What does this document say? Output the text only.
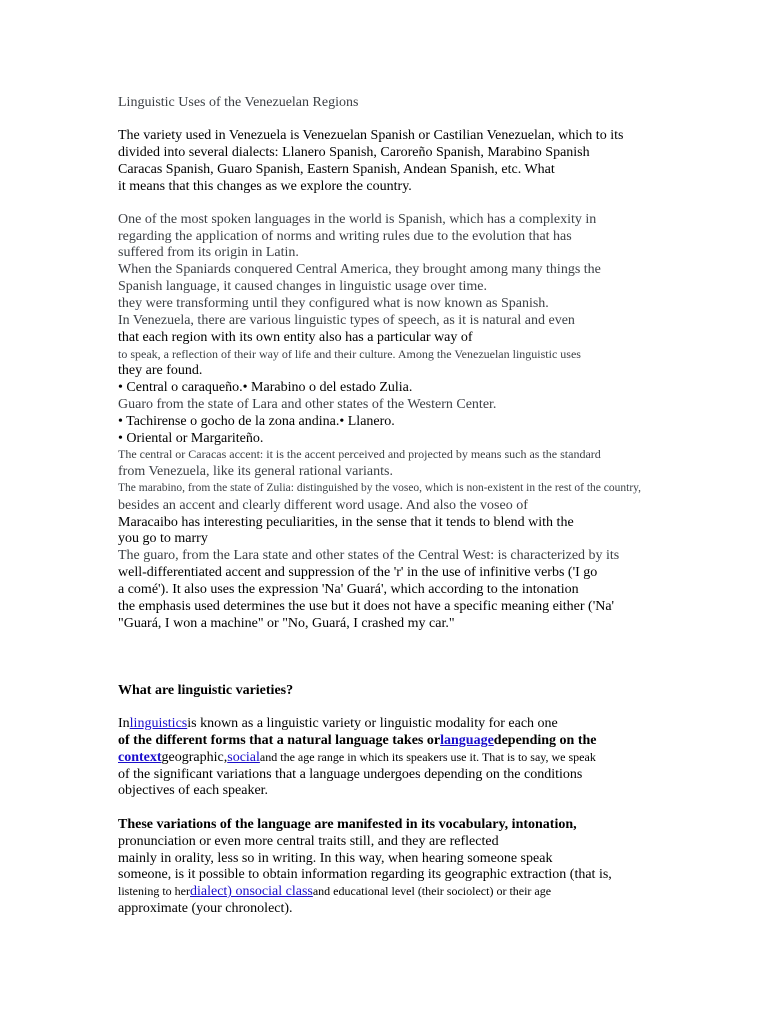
Linguistic Uses of the Venezuelan Regions
The variety used in Venezuela is Venezuelan Spanish or Castilian Venezuelan, which to its
divided into several dialects: Llanero Spanish, Caroreño Spanish, Marabino Spanish
Caracas Spanish, Guaro Spanish, Eastern Spanish, Andean Spanish, etc. What
it means that this changes as we explore the country.
One of the most spoken languages in the world is Spanish, which has a complexity in
regarding the application of norms and writing rules due to the evolution that has
suffered from its origin in Latin.
When the Spaniards conquered Central America, they brought among many things the
Spanish language, it caused changes in linguistic usage over time.
they were transforming until they configured what is now known as Spanish.
In Venezuela, there are various linguistic types of speech, as it is natural and even
that each region with its own entity also has a particular way of
to speak, a reflection of their way of life and their culture. Among the Venezuelan linguistic uses
they are found.
• Central o caraqueño.• Marabino o del estado Zulia.
Guaro from the state of Lara and other states of the Western Center.
• Tachirense o gocho de la zona andina.• Llanero.
• Oriental or Margariteño.
The central or Caracas accent: it is the accent perceived and projected by means such as the standard
from Venezuela, like its general rational variants.
The marabino, from the state of Zulia: distinguished by the voseo, which is non-existent in the rest of the country,
besides an accent and clearly different word usage. And also the voseo of
Maracaibo has interesting peculiarities, in the sense that it tends to blend with the
you go to marry
The guaro, from the Lara state and other states of the Central West: is characterized by its
well-differentiated accent and suppression of the 'r' in the use of infinitive verbs ('I go
a comé'). It also uses the expression 'Na' Guará', which according to the intonation
the emphasis used determines the use but it does not have a specific meaning either ('Na'
"Guará, I won a machine" or "No, Guará, I crashed my car."
What are linguistic varieties?
Inlinguisticsis known as a linguistic variety or linguistic modality for each one
of the different forms that a natural language takes orlanguagedepending on the
contextgeographic,socialand the age range in which its speakers use it. That is to say, we speak
of the significant variations that a language undergoes depending on the conditions
objectives of each speaker.
These variations of the language are manifested in its vocabulary, intonation,
pronunciation or even more central traits still, and they are reflected
mainly in orality, less so in writing. In this way, when hearing someone speak
someone, is it possible to obtain information regarding its geographic extraction (that is,
listening to herdialect) onsocial classand educational level (their sociolect) or their age
approximate (your chronolect).
